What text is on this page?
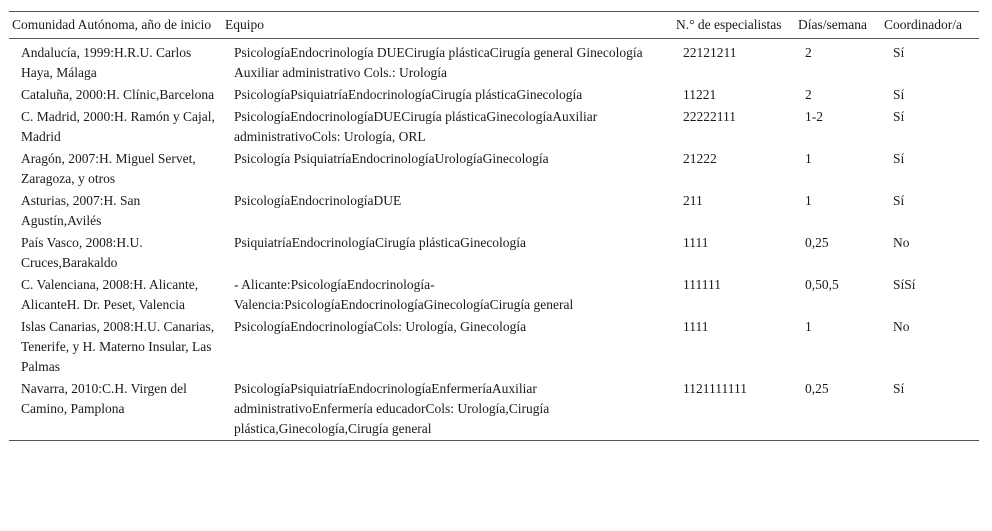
Comunidad Autónoma, año de inicio	Equipo	N.° de especialistas	Días/semana	Coordinador/a
Andalucía, 1999:H.R.U. Carlos Haya, Málaga	PsicologíaEndocrinología DUECirugía plásticaCirugía general Ginecología Auxiliar administrativo Cols.: Urología	22121211	2	Sí
Cataluña, 2000:H. Clínic,Barcelona	PsicologíaPsiquiatríaEndocrinologíaCirugía plásticaGinecología	11221	2	Sí
C. Madrid, 2000:H. Ramón y Cajal, Madrid	PsicologíaEndocrinologíaDUECirugía plásticaGinecologíaAuxiliar administrativoCols: Urología, ORL	22222111	1-2	Sí
Aragón, 2007:H. Miguel Servet, Zaragoza, y otros	Psicología PsiquiatríaEndocrinologíaUrologíaGinecología	21222	1	Sí
Asturias, 2007:H. San Agustín,Avilés	PsicologíaEndocrinologíaDUE	211	1	Sí
País Vasco, 2008:H.U. Cruces,Barakaldo	PsiquiatríaEndocrinologíaCirugía plásticaGinecología	1111	0,25	No
C. Valenciana, 2008:H. Alicante, AlicanteH. Dr. Peset, Valencia	- Alicante:PsicologíaEndocrinología-Valencia:PsicologíaEndocrinologíaGinecologíaCirugía general	111111	0,50,5	SíSí
Islas Canarias, 2008:H.U. Canarias, Tenerife, y H. Materno Insular, Las Palmas	PsicologíaEndocrinologíaCols: Urología, Ginecología	1111	1	No
Navarra, 2010:C.H. Virgen del Camino, Pamplona	PsicologíaPsiquiatríaEndocrinologíaEnfermeríaAuxiliar administrativoEnfermería educadorCols: Urología,Cirugía plástica,Ginecología,Cirugía general	1121111111	0,25	Sí
